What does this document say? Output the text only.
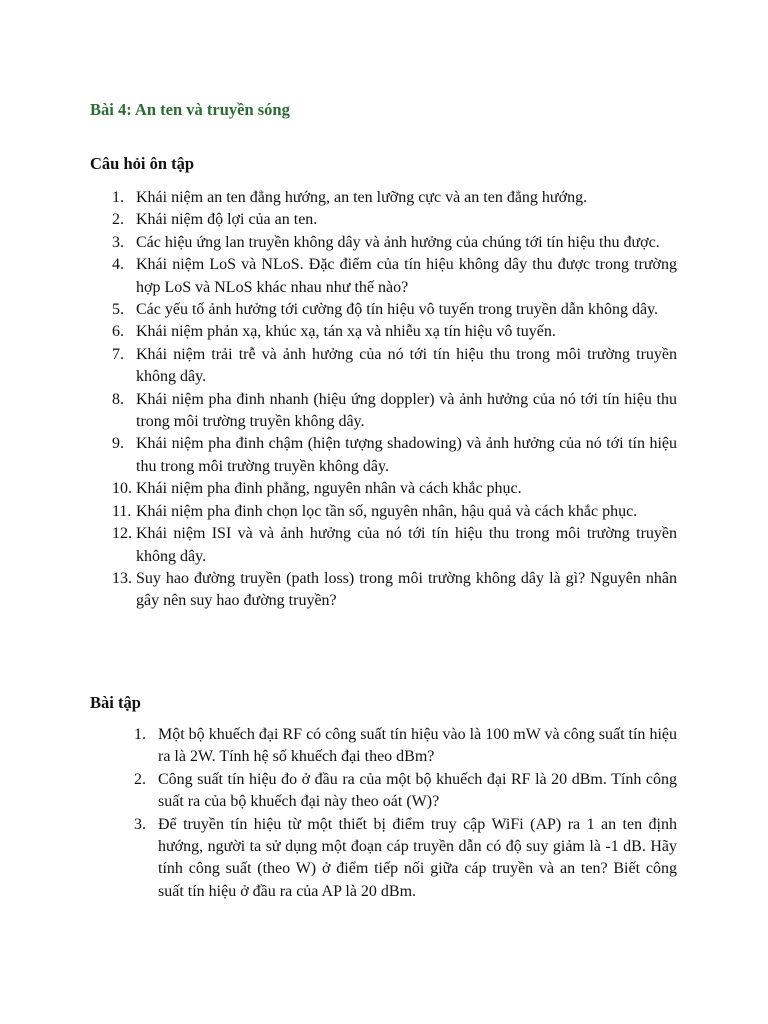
Bài 4: An ten và truyền sóng
Câu hỏi ôn tập
1. Khái niệm an ten đẳng hướng, an ten lưỡng cực và an ten đẳng hướng.
2. Khái niệm độ lợi của an ten.
3. Các hiệu ứng lan truyền không dây và ảnh hưởng của chúng tới tín hiệu thu được.
4. Khái niệm LoS và NLoS. Đặc điểm của tín hiệu không dây thu được trong trường hợp LoS và NLoS khác nhau như thế nào?
5. Các yếu tố ảnh hưởng tới cường độ tín hiệu vô tuyến trong truyền dẫn không dây.
6. Khái niệm phản xạ, khúc xạ, tán xạ và nhiễu xạ tín hiệu vô tuyến.
7. Khái niệm trải trễ và ảnh hưởng của nó tới tín hiệu thu trong môi trường truyền không dây.
8. Khái niệm pha đinh nhanh (hiệu ứng doppler) và ảnh hưởng của nó tới tín hiệu thu trong môi trường truyền không dây.
9. Khái niệm pha đinh chậm (hiện tượng shadowing) và ảnh hưởng của nó tới tín hiệu thu trong môi trường truyền không dây.
10. Khái niệm pha đinh phẳng, nguyên nhân và cách khắc phục.
11. Khái niệm pha đinh chọn lọc tần số, nguyên nhân, hậu quả và cách khắc phục.
12. Khái niệm ISI và và ảnh hưởng của nó tới tín hiệu thu trong môi trường truyền không dây.
13. Suy hao đường truyền (path loss) trong môi trường không dây là gì? Nguyên nhân gây nên suy hao đường truyền?
Bài tập
1. Một bộ khuếch đại RF có công suất tín hiệu vào là 100 mW và công suất tín hiệu ra là 2W. Tính hệ số khuếch đại theo dBm?
2. Công suất tín hiệu đo ở đầu ra của một bộ khuếch đại RF là 20 dBm. Tính công suất ra của bộ khuếch đại này theo oát (W)?
3. Để truyền tín hiệu từ một thiết bị điểm truy cập WiFi (AP) ra 1 an ten định hướng, người ta sử dụng một đoạn cáp truyền dẫn có độ suy giảm là -1 dB. Hãy tính công suất (theo W) ở điểm tiếp nối giữa cáp truyền và an ten? Biết công suất tín hiệu ở đầu ra của AP là 20 dBm.
